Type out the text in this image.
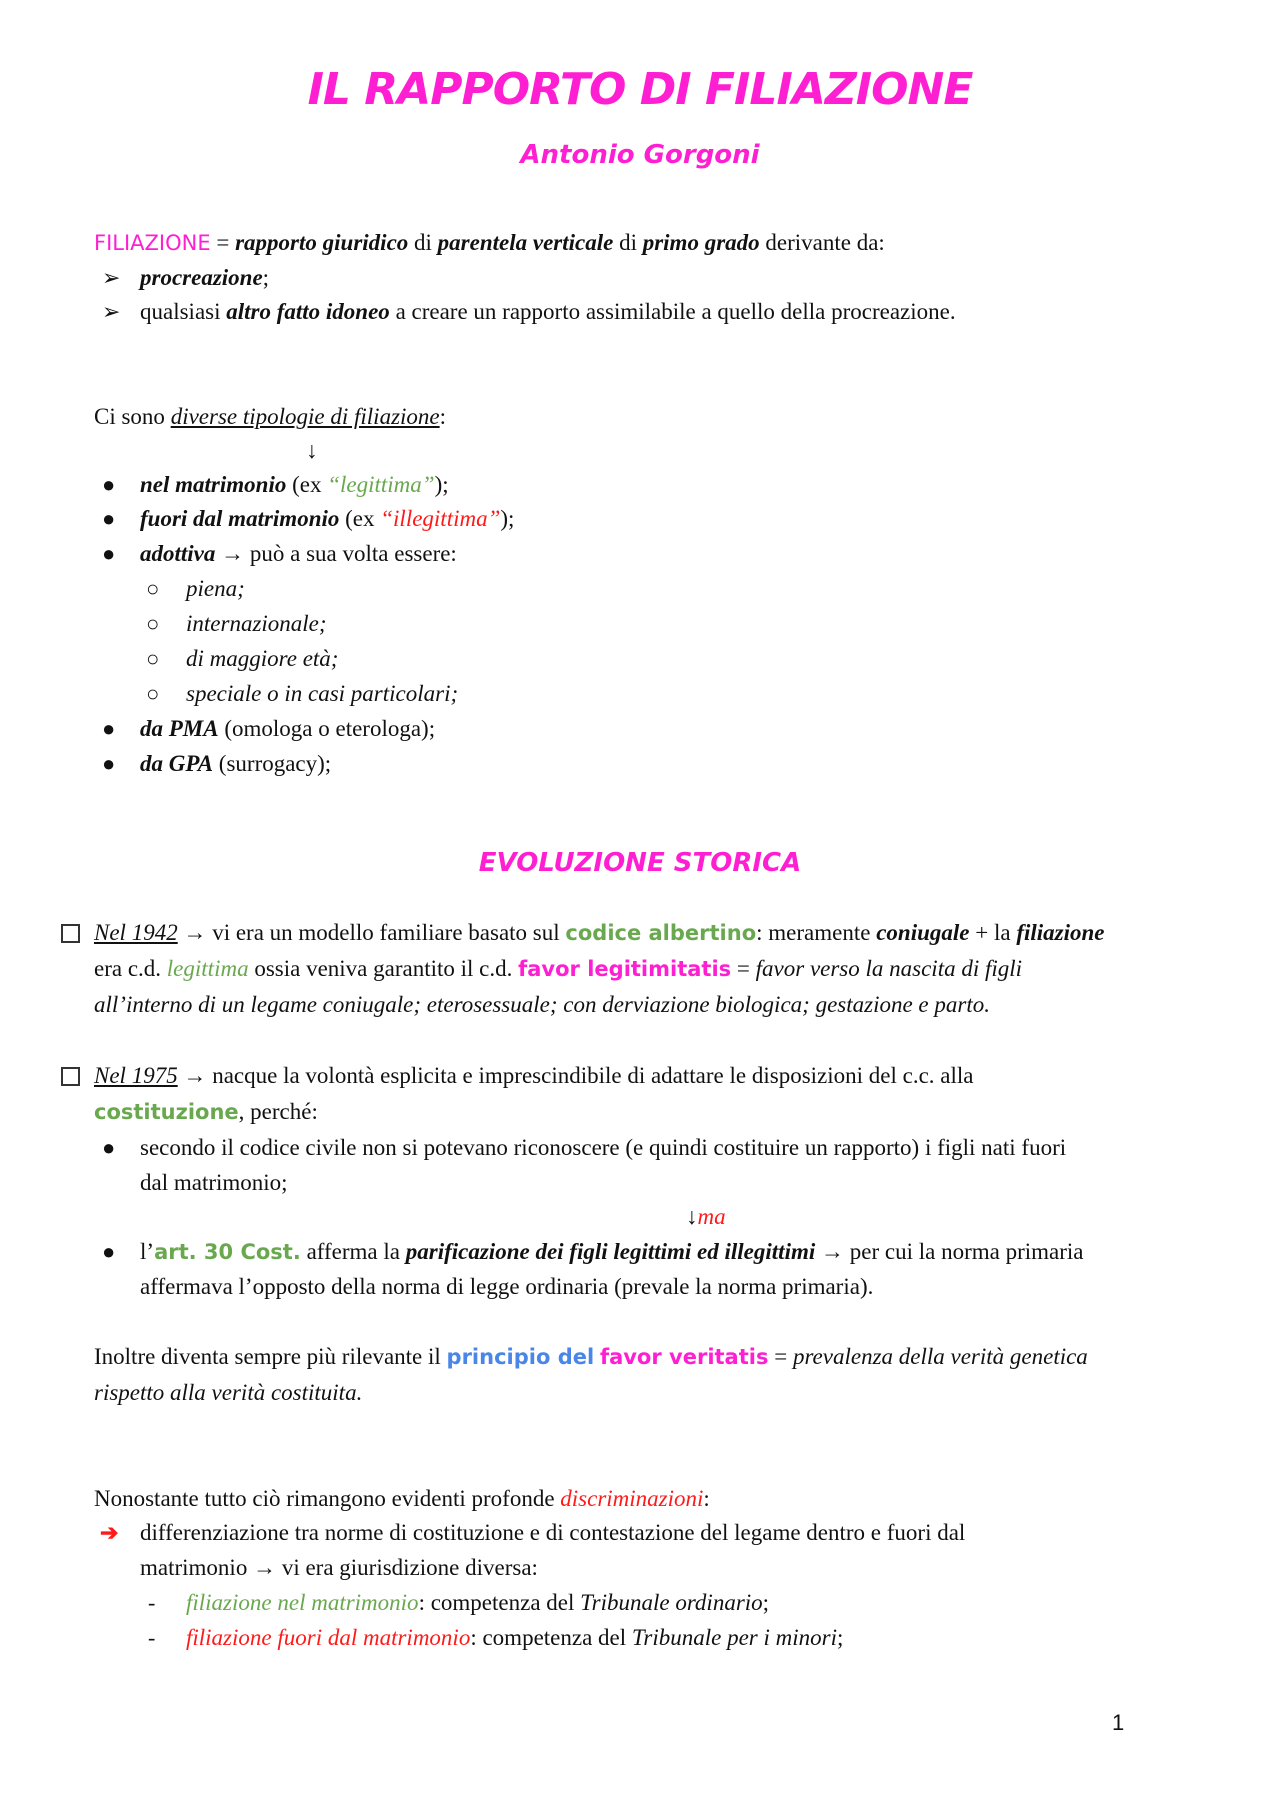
IL RAPPORTO DI FILIAZIONE
Antonio Gorgoni
FILIAZIONE = rapporto giuridico di parentela verticale di primo grado derivante da:
➢ procreazione;
➢ qualsiasi altro fatto idoneo a creare un rapporto assimilabile a quello della procreazione.
Ci sono diverse tipologie di filiazione:
↓
● nel matrimonio (ex “legittima”);
● fuori dal matrimonio (ex “illegittima”);
● adottiva → può a sua volta essere:
○ piena;
○ internazionale;
○ di maggiore età;
○ speciale o in casi particolari;
● da PMA (omologa o eterologa);
● da GPA (surrogacy);
EVOLUZIONE STORICA
Nel 1942 → vi era un modello familiare basato sul codice albertino: meramente coniugale + la filiazione
era c.d. legittima ossia veniva garantito il c.d. favor legitimitatis = favor verso la nascita di figli
all’interno di un legame coniugale; eterosessuale; con derviazione biologica; gestazione e parto.
Nel 1975 → nacque la volontà esplicita e imprescindibile di adattare le disposizioni del c.c. alla
costituzione, perché:
● secondo il codice civile non si potevano riconoscere (e quindi costituire un rapporto) i figli nati fuori
dal matrimonio;
↓ma
● l’art. 30 Cost. afferma la parificazione dei figli legittimi ed illegittimi → per cui la norma primaria
affermava l’opposto della norma di legge ordinaria (prevale la norma primaria).
Inoltre diventa sempre più rilevante il principio del favor veritatis = prevalenza della verità genetica
rispetto alla verità costituita.
Nonostante tutto ciò rimangono evidenti profonde discriminazioni:
➔ differenziazione tra norme di costituzione e di contestazione del legame dentro e fuori dal
matrimonio → vi era giurisdizione diversa:
- filiazione nel matrimonio: competenza del Tribunale ordinario;
- filiazione fuori dal matrimonio: competenza del Tribunale per i minori;
1
